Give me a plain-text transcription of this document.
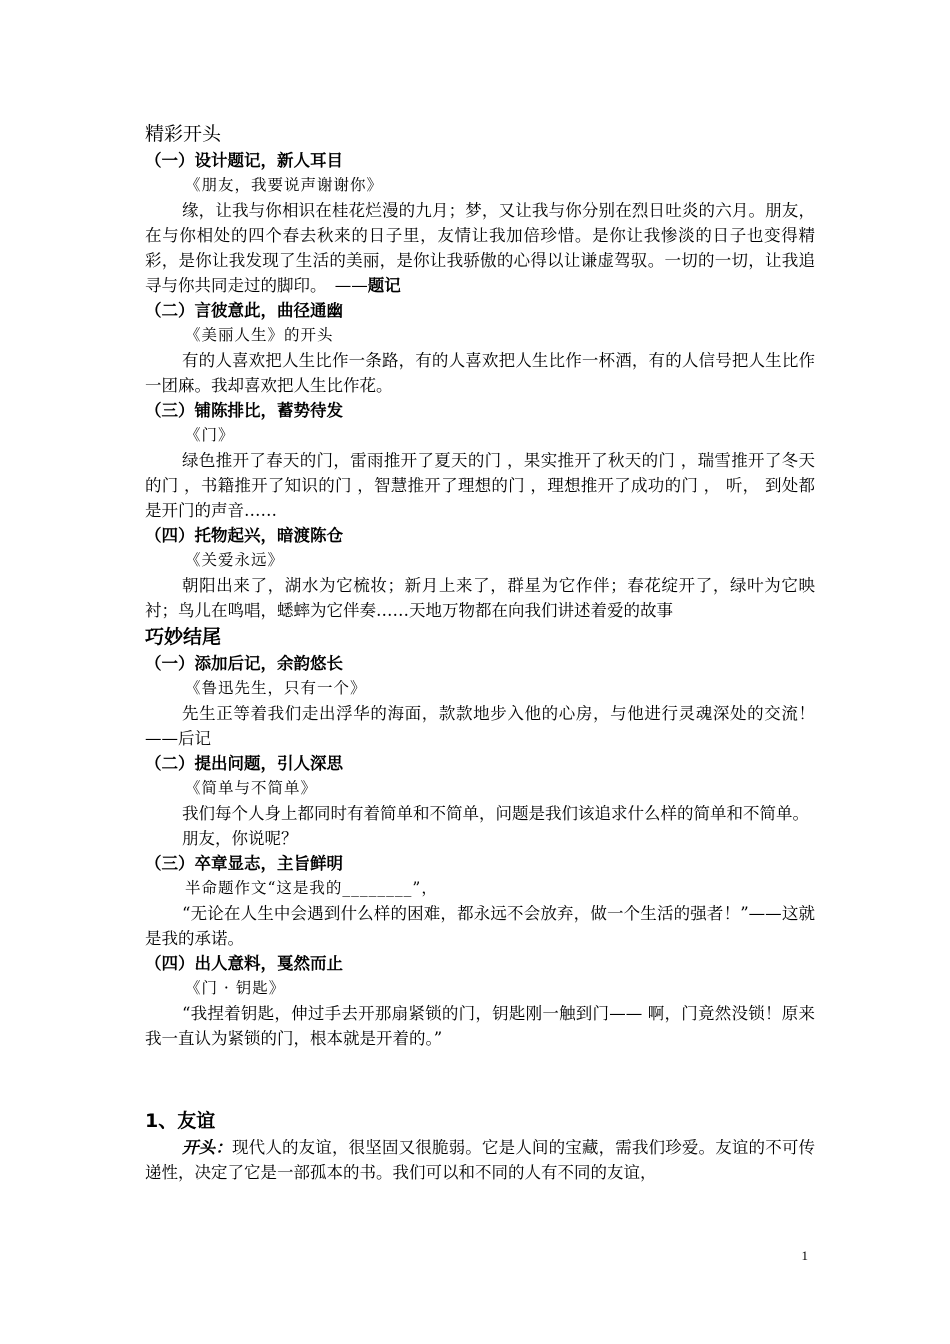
精彩开头
（一）设计题记，新人耳目
《朋友，我要说声谢谢你》
缘，让我与你相识在桂花烂漫的九月；梦，又让我与你分别在烈日吐炎的六月。朋友，在与你相处的四个春去秋来的日子里，友情让我加倍珍惜。是你让我惨淡的日子也变得精彩，是你让我发现了生活的美丽，是你让我骄傲的心得以让谦虚驾驭。一切的一切，让我追寻与你共同走过的脚印。　——题记
（二）言彼意此，曲径通幽
《美丽人生》的开头
有的人喜欢把人生比作一条路，有的人喜欢把人生比作一杯酒，有的人信号把人生比作一团麻。我却喜欢把人生比作花。
（三）铺陈排比，蓄势待发
《门》
绿色推开了春天的门，雷雨推开了夏天的门 ，果实推开了秋天的门 ，瑞雪推开了冬天的门 ，书籍推开了知识的门 ，智慧推开了理想的门 ，理想推开了成功的门 ， 听， 到处都是开门的声音……
（四）托物起兴，暗渡陈仓
《关爱永远》
朝阳出来了，湖水为它梳妆；新月上来了，群星为它作伴；春花绽开了，绿叶为它映衬；鸟儿在鸣唱，蟋蟀为它伴奏……天地万物都在向我们讲述着爱的故事
巧妙结尾
（一）添加后记，余韵悠长
《鲁迅先生，只有一个》
先生正等着我们走出浮华的海面，款款地步入他的心房，与他进行灵魂深处的交流！ ——后记
（二）提出问题，引人深思
《简单与不简单》
我们每个人身上都同时有着简单和不简单，问题是我们该追求什么样的简单和不简单。
朋友，你说呢？
（三）卒章显志，主旨鲜明
半命题作文“这是我的________”，
“无论在人生中会遇到什么样的困难，都永远不会放弃，做一个生活的强者！”——这就是我的承诺。
（四）出人意料，戛然而止
《门 · 钥匙》
“我捏着钥匙，伸过手去开那扇紧锁的门，钥匙刚一触到门—— 啊，门竟然没锁！原来我一直认为紧锁的门，根本就是开着的。”
1、友谊
开头：现代人的友谊，很坚固又很脆弱。它是人间的宝藏，需我们珍爱。友谊的不可传递性，决定了它是一部孤本的书。我们可以和不同的人有不同的友谊，
1
